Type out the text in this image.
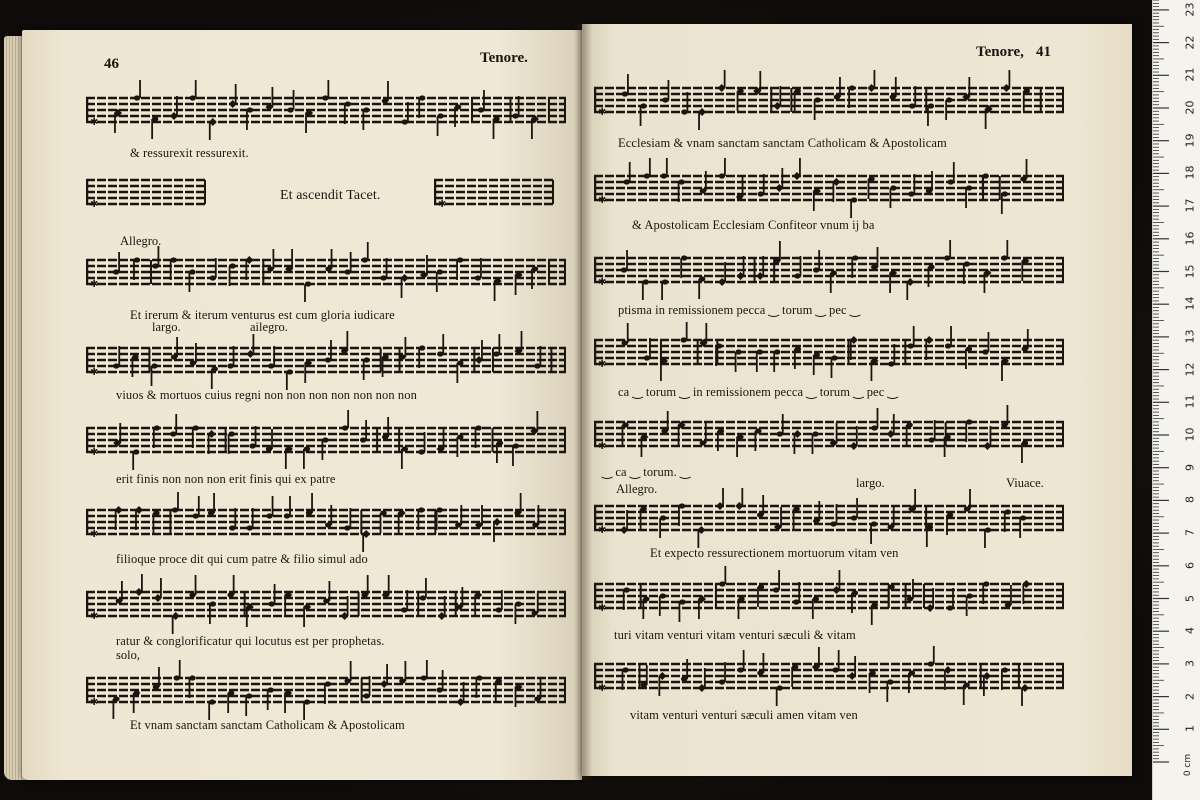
46	Tenore.
✱
& ressurexit ressurexit.
✱
Et ascendit Tacet.
✱
Allegro.
✱
Et irerum & iterum venturus est cum gloria iudicare
largo.	ailegro.
✱
viuos & mortuos cuius regni non non non non non non non
✱
erit finis non non non erit finis qui ex patre
✱
filioque proce dit qui cum patre & filio simul ado
✱
ratur & conglorificatur qui locutus est per prophetas.
solo,
✱
Et vnam sanctam sanctam Catholicam & Apostolicam
Tenore, 41
✱
Ecclesiam & vnam sanctam sanctam Catholicam & Apostolicam
✱
& Apostolicam Ecclesiam Confiteor vnum ij ba
✱
ptisma in remissionem pecca ‿ torum ‿ pec ‿
✱
ca ‿ torum ‿ in remissionem pecca ‿ torum ‿ pec ‿
✱
‿ ca ‿ torum. ‿
Allegro.	largo.	Viuace.
✱
Et expecto ressurectionem mortuorum vitam ven
✱
turi vitam venturi vitam venturi sæculi & vitam
✱
vitam venturi venturi sæculi amen vitam ven
1
2
3
4
5
6
7
8
9
10
11
12
13
14
15
16
17
18
19
20
21
22
23
0 cm
